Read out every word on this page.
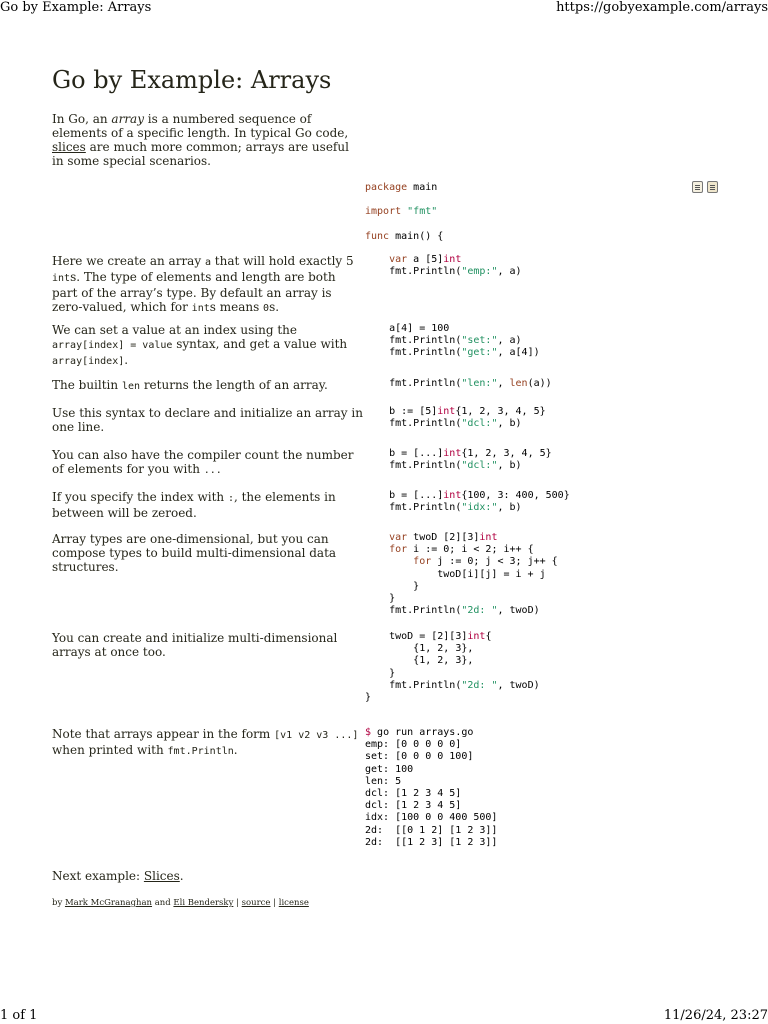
Go by Example: Arrays	https://gobyexample.com/arrays
Go by Example: Arrays

In Go, an array is a numbered sequence of elements of a specific length. In typical Go code, slices are much more common; arrays are useful in some special scenarios.

package main

import "fmt"

func main() {

Here we create an array a that will hold exactly 5 ints. The type of elements and length are both part of the array’s type. By default an array is zero-valued, which for ints means 0s.

var a [5]int
fmt.Println("emp:", a)

We can set a value at an index using the array[index] = value syntax, and get a value with array[index].

a[4] = 100
fmt.Println("set:", a)
fmt.Println("get:", a[4])

The builtin len returns the length of an array.	fmt.Println("len:", len(a))

Use this syntax to declare and initialize an array in one line.

b := [5]int{1, 2, 3, 4, 5}
fmt.Println("dcl:", b)

You can also have the compiler count the number of elements for you with ...

b = [...]int{1, 2, 3, 4, 5}
fmt.Println("dcl:", b)

If you specify the index with :, the elements in between will be zeroed.

b = [...]int{100, 3: 400, 500}
fmt.Println("idx:", b)

Array types are one-dimensional, but you can compose types to build multi-dimensional data structures.

var twoD [2][3]int
for i := 0; i < 2; i++ {
for j := 0; j < 3; j++ {
twoD[i][j] = i + j
}
}
fmt.Println("2d: ", twoD)

You can create and initialize multi-dimensional arrays at once too.

twoD = [2][3]int{
{1, 2, 3},
{1, 2, 3},
}
fmt.Println("2d: ", twoD)
}

Note that arrays appear in the form [v1 v2 v3 ...] when printed with fmt.Println.

$ go run arrays.go
emp: [0 0 0 0 0]
set: [0 0 0 0 100]
get: 100
len: 5
dcl: [1 2 3 4 5]
dcl: [1 2 3 4 5]
idx: [100 0 0 400 500]
2d:  [[0 1 2] [1 2 3]]
2d:  [[1 2 3] [1 2 3]]

Next example: Slices.

by Mark McGranaghan and Eli Bendersky | source | license

1 of 1	11/26/24, 23:27
